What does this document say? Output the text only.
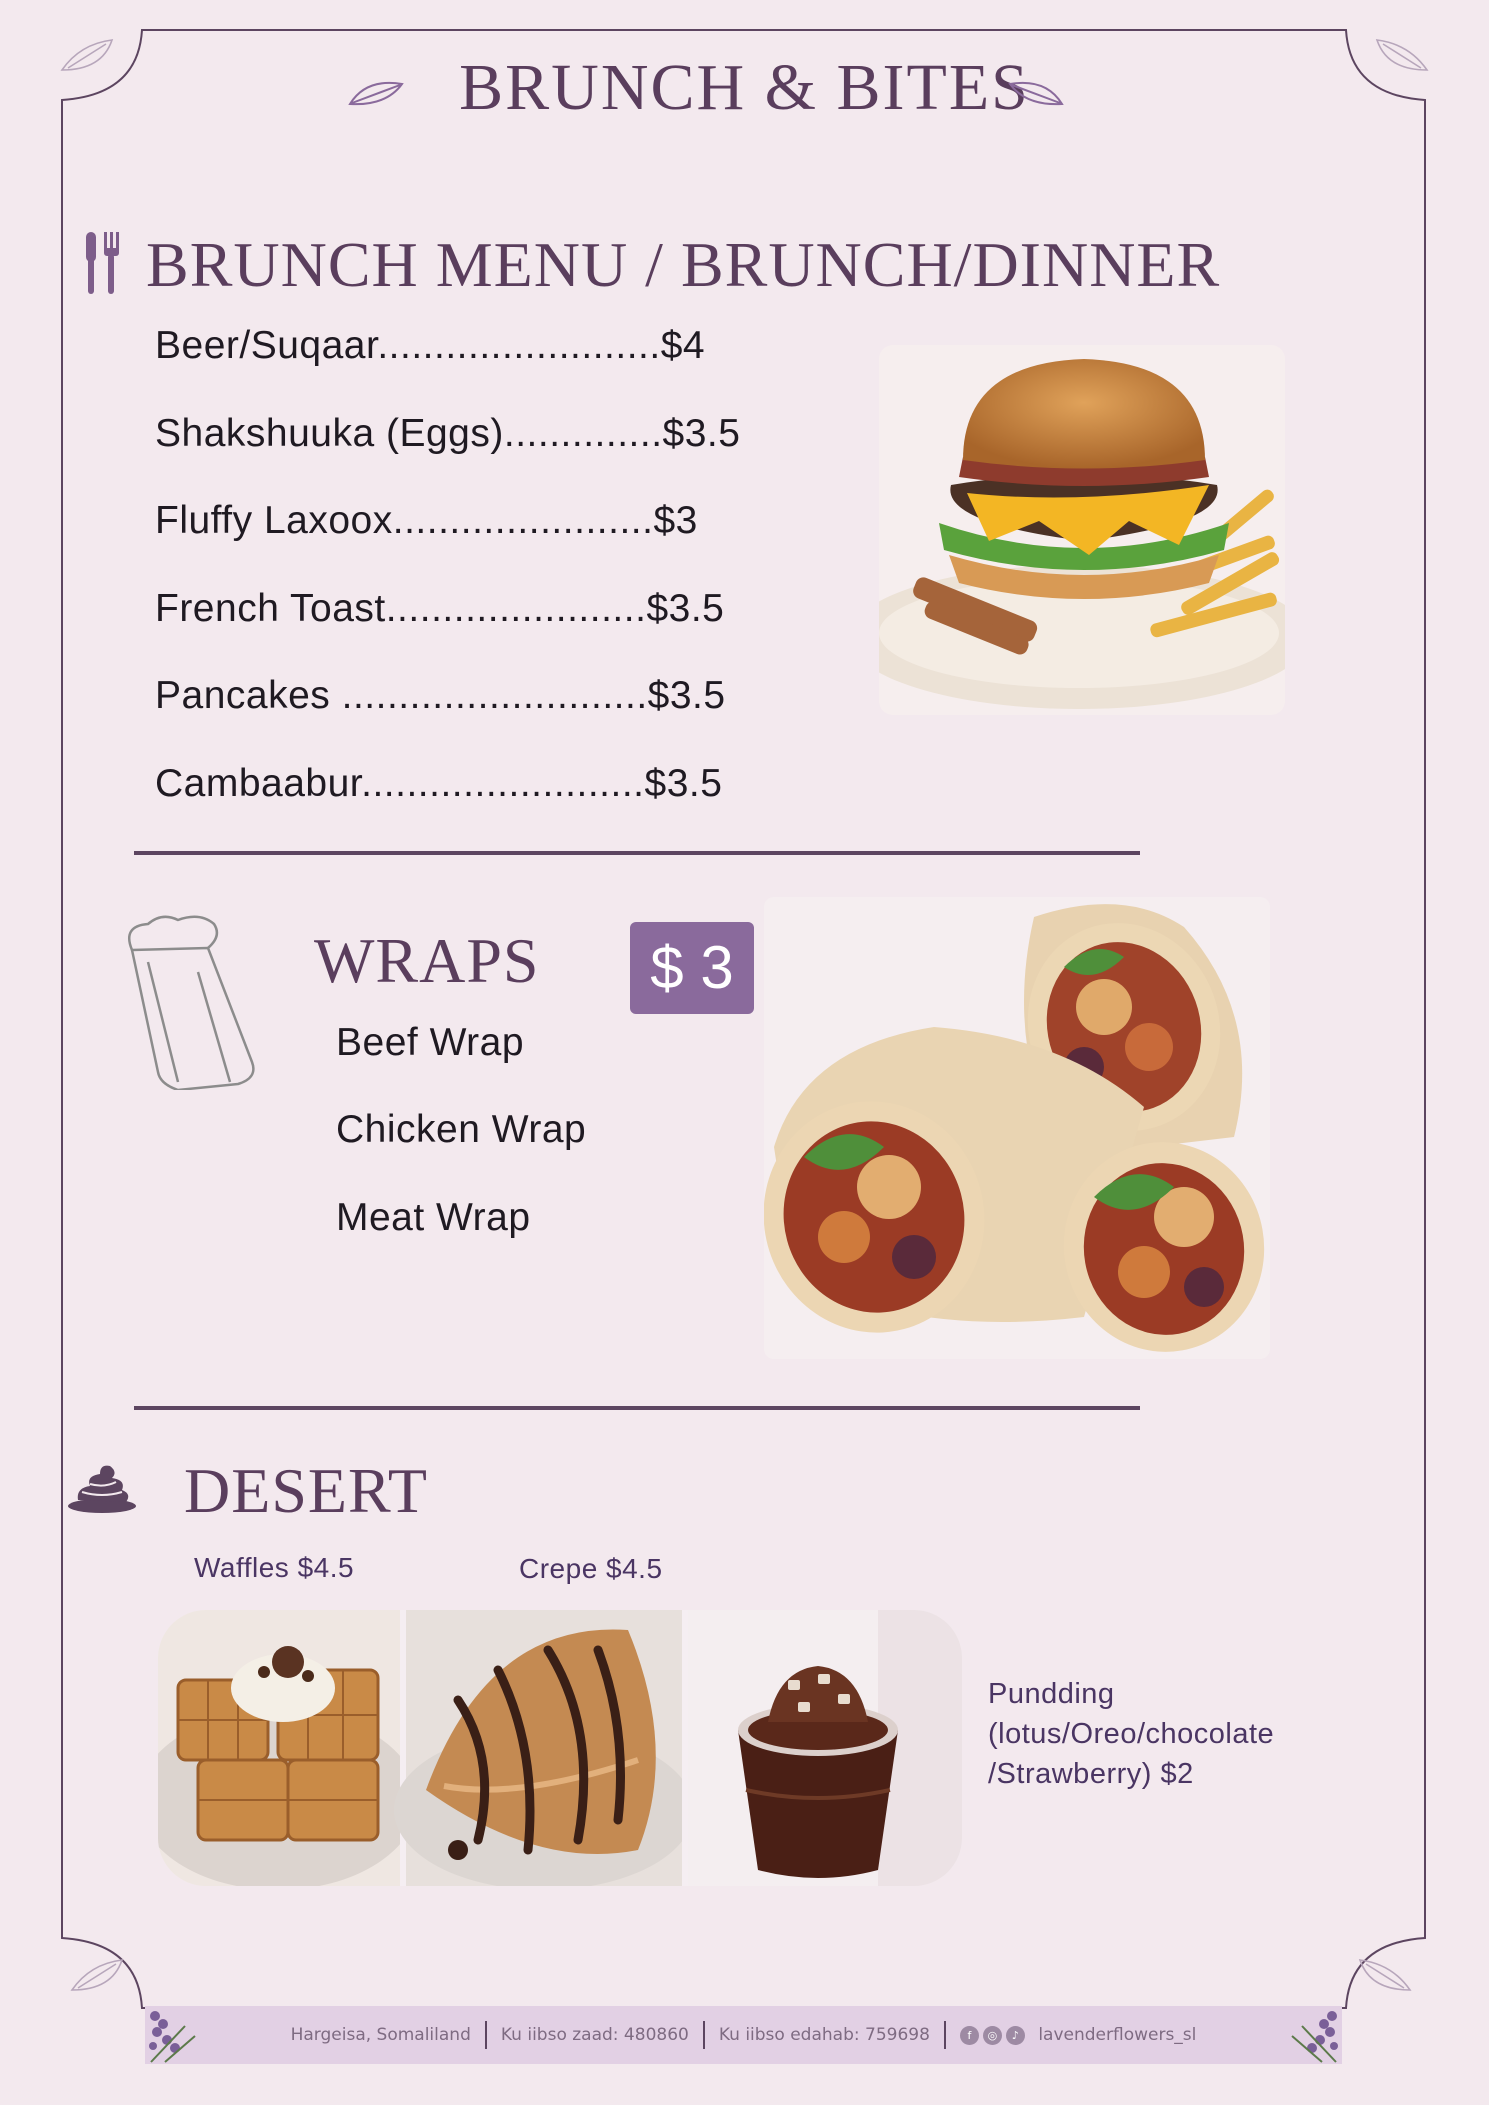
BRUNCH & BITES
BRUNCH MENU / BRUNCH/DINNER
Beer/Suqaar.........................$4
Shakshuuka (Eggs)..............$3.5
Fluffy Laxoox.......................$3
French Toast.......................$3.5
Pancakes ...........................$3.5
Cambaabur.........................$3.5
WRAPS	$ 3
Beef Wrap
Chicken Wrap
Meat Wrap
DESERT
Waffles $4.5	Crepe $4.5
Pundding
(lotus/Oreo/chocolate
/Strawberry) $2
Hargeisa, Somaliland	Ku iibso zaad: 480860	Ku iibso edahab: 759698	f	◎	♪	lavenderflowers_sl
